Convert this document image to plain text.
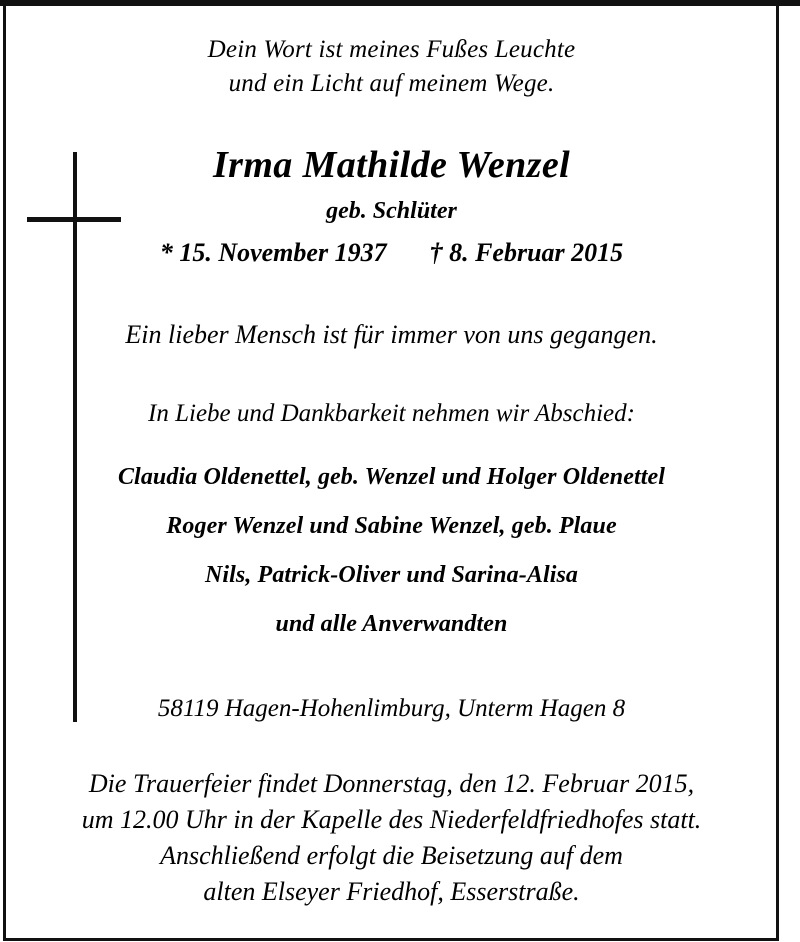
Dein Wort ist meines Fußes Leuchte
und ein Licht auf meinem Wege.
Irma Mathilde Wenzel
geb. Schlüter
* 15. November 1937 † 8. Februar 2015
Ein lieber Mensch ist für immer von uns gegangen.
In Liebe und Dankbarkeit nehmen wir Abschied:
Claudia Oldenettel, geb. Wenzel und Holger Oldenettel
Roger Wenzel und Sabine Wenzel, geb. Plaue
Nils, Patrick-Oliver und Sarina-Alisa
und alle Anverwandten
58119 Hagen-Hohenlimburg, Unterm Hagen 8
Die Trauerfeier findet Donnerstag, den 12. Februar 2015,
um 12.00 Uhr in der Kapelle des Niederfeldfriedhofes statt.
Anschließend erfolgt die Beisetzung auf dem
alten Elseyer Friedhof, Esserstraße.
